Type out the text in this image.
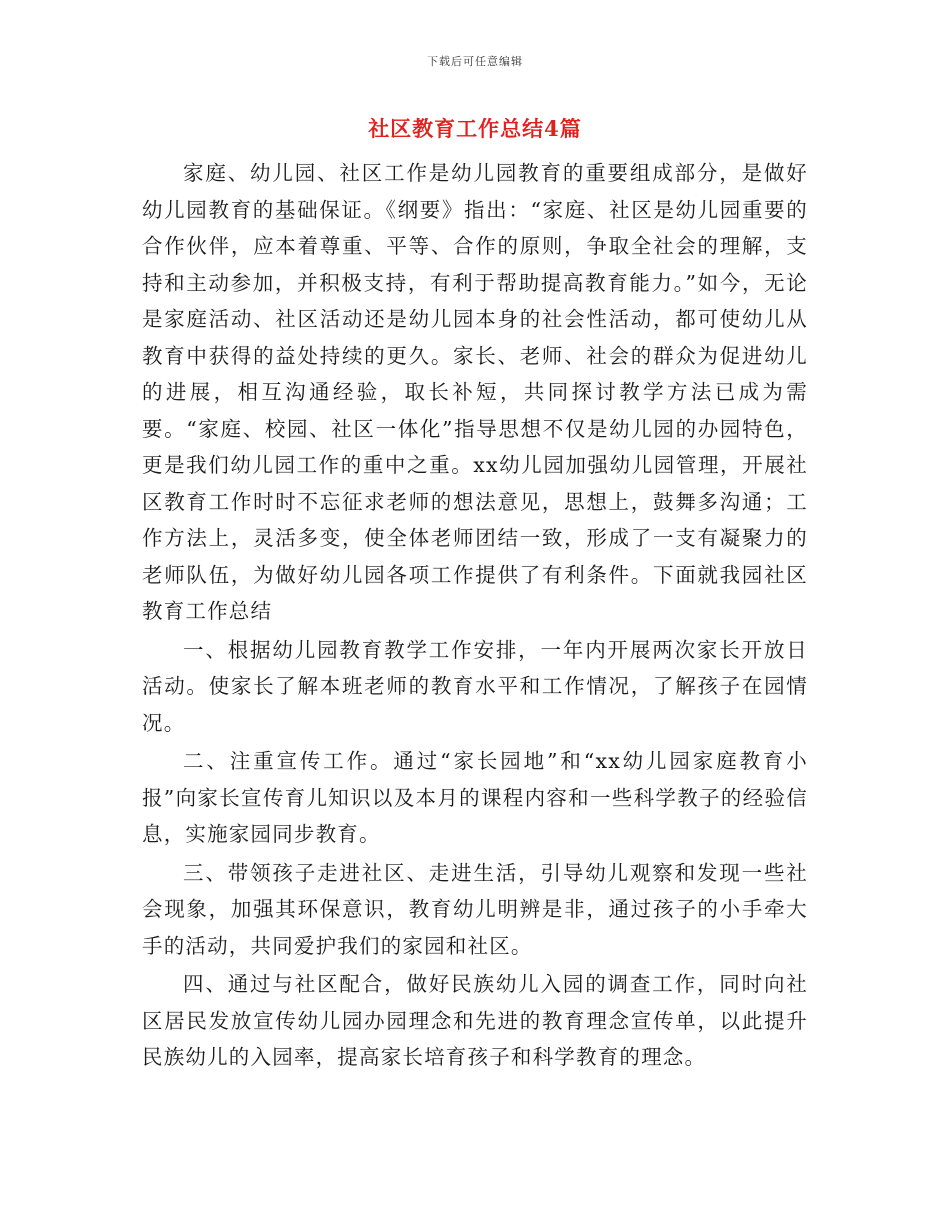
下载后可任意编辑
社区教育工作总结4篇

家庭、幼儿园、社区工作是幼儿园教育的重要组成部分，是做好幼儿园教育的基础保证。《纲要》指出：“家庭、社区是幼儿园重要的合作伙伴，应本着尊重、平等、合作的原则，争取全社会的理解，支持和主动参加，并积极支持，有利于帮助提高教育能力。”如今，无论是家庭活动、社区活动还是幼儿园本身的社会性活动，都可使幼儿从教育中获得的益处持续的更久。家长、老师、社会的群众为促进幼儿的进展，相互沟通经验，取长补短，共同探讨教学方法已成为需要。“家庭、校园、社区一体化”指导思想不仅是幼儿园的办园特色，更是我们幼儿园工作的重中之重。xx幼儿园加强幼儿园管理，开展社区教育工作时时不忘征求老师的想法意见，思想上，鼓舞多沟通；工作方法上，灵活多变，使全体老师团结一致，形成了一支有凝聚力的老师队伍，为做好幼儿园各项工作提供了有利条件。下面就我园社区教育工作总结

一、根据幼儿园教育教学工作安排，一年内开展两次家长开放日活动。使家长了解本班老师的教育水平和工作情况，了解孩子在园情况。

二、注重宣传工作。通过“家长园地”和“xx幼儿园家庭教育小报”向家长宣传育儿知识以及本月的课程内容和一些科学教子的经验信息，实施家园同步教育。

三、带领孩子走进社区、走进生活，引导幼儿观察和发现一些社会现象，加强其环保意识，教育幼儿明辨是非，通过孩子的小手牵大手的活动，共同爱护我们的家园和社区。

四、通过与社区配合，做好民族幼儿入园的调查工作，同时向社区居民发放宣传幼儿园办园理念和先进的教育理念宣传单，以此提升民族幼儿的入园率，提高家长培育孩子和科学教育的理念。
